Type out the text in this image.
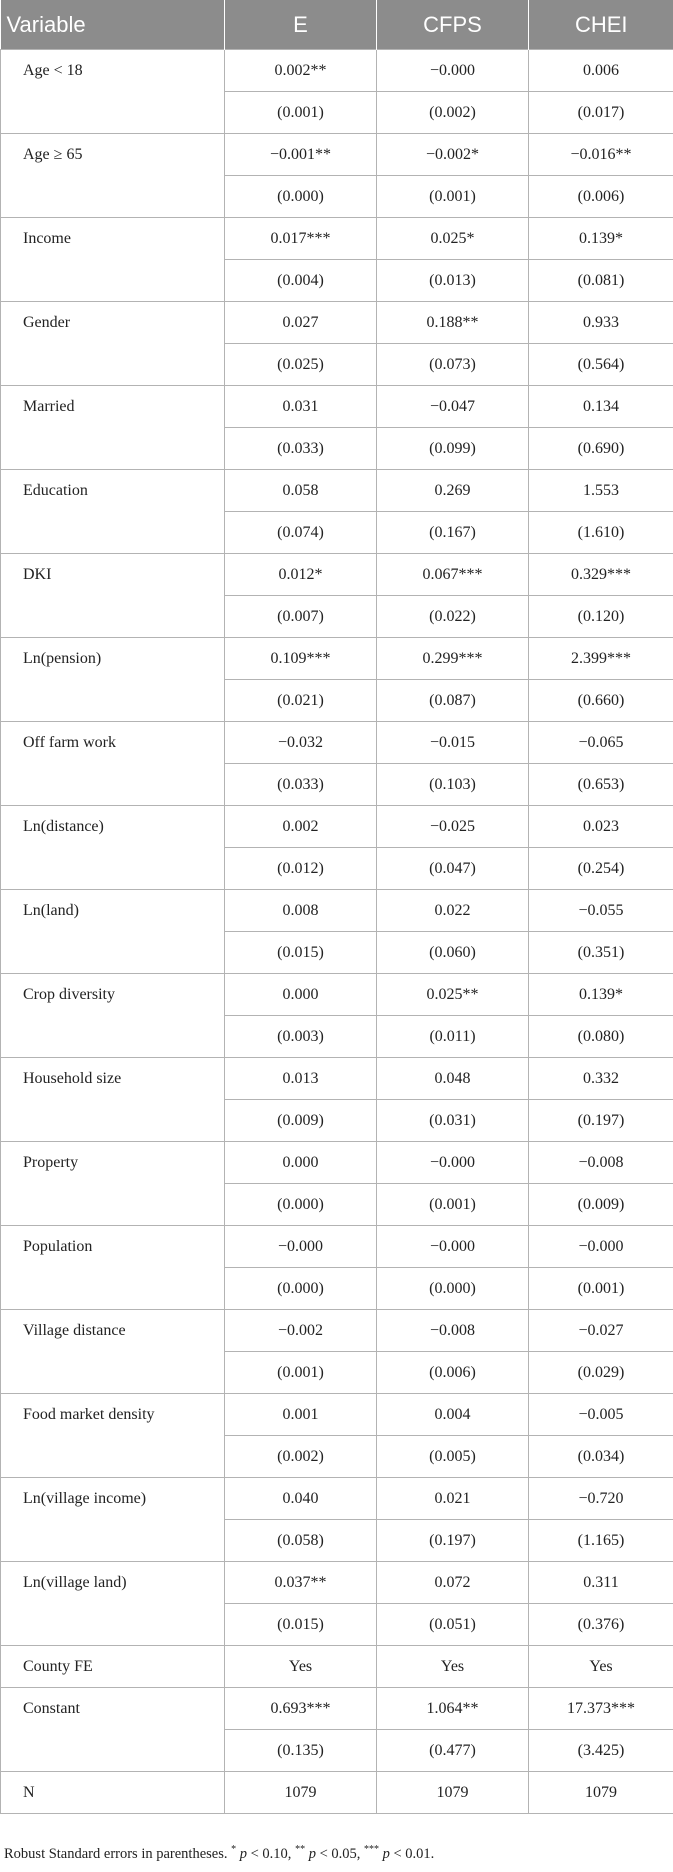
Variable	E	CFPS	CHEI
Age < 18	0.002**	−0.000	0.006
	(0.001)	(0.002)	(0.017)
Age ≥ 65	−0.001**	−0.002*	−0.016**
	(0.000)	(0.001)	(0.006)
Income	0.017***	0.025*	0.139*
	(0.004)	(0.013)	(0.081)
Gender	0.027	0.188**	0.933
	(0.025)	(0.073)	(0.564)
Married	0.031	−0.047	0.134
	(0.033)	(0.099)	(0.690)
Education	0.058	0.269	1.553
	(0.074)	(0.167)	(1.610)
DKI	0.012*	0.067***	0.329***
	(0.007)	(0.022)	(0.120)
Ln(pension)	0.109***	0.299***	2.399***
	(0.021)	(0.087)	(0.660)
Off farm work	−0.032	−0.015	−0.065
	(0.033)	(0.103)	(0.653)
Ln(distance)	0.002	−0.025	0.023
	(0.012)	(0.047)	(0.254)
Ln(land)	0.008	0.022	−0.055
	(0.015)	(0.060)	(0.351)
Crop diversity	0.000	0.025**	0.139*
	(0.003)	(0.011)	(0.080)
Household size	0.013	0.048	0.332
	(0.009)	(0.031)	(0.197)
Property	0.000	−0.000	−0.008
	(0.000)	(0.001)	(0.009)
Population	−0.000	−0.000	−0.000
	(0.000)	(0.000)	(0.001)
Village distance	−0.002	−0.008	−0.027
	(0.001)	(0.006)	(0.029)
Food market density	0.001	0.004	−0.005
	(0.002)	(0.005)	(0.034)
Ln(village income)	0.040	0.021	−0.720
	(0.058)	(0.197)	(1.165)
Ln(village land)	0.037**	0.072	0.311
	(0.015)	(0.051)	(0.376)
County FE	Yes	Yes	Yes
Constant	0.693***	1.064**	17.373***
	(0.135)	(0.477)	(3.425)
N	1079	1079	1079
Robust Standard errors in parentheses. * p < 0.10, ** p < 0.05, *** p < 0.01.
